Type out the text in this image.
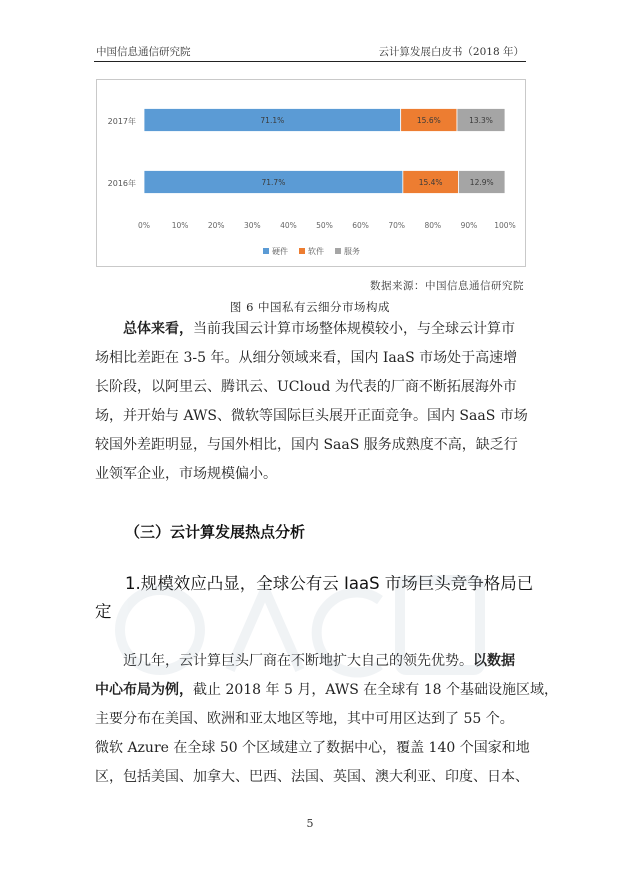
中国信息通信研究院	云计算发展白皮书（2018 年）
2017年	71.1%	15.6%	13.3%
2016年	71.7%	15.4%	12.9%
0%	10%	20%	30%	40%	50%	60%	70%	80%	90% 100%
硬件	软件	服务
数据来源：中国信息通信研究院
图 6 中国私有云细分市场构成
总体来看，当前我国云计算市场整体规模较小，与全球云计算市
场相比差距在 3-5 年。从细分领域来看，国内 IaaS 市场处于高速增
长阶段，以阿里云、腾讯云、UCloud 为代表的厂商不断拓展海外市
场，并开始与 AWS、微软等国际巨头展开正面竞争。国内 SaaS 市场
较国外差距明显，与国外相比，国内 SaaS 服务成熟度不高，缺乏行
业领军企业，市场规模偏小。
（三）云计算发展热点分析
1.规模效应凸显，全球公有云 IaaS 市场巨头竞争格局已
定
近几年，云计算巨头厂商在不断地扩大自己的领先优势。以数据
中心布局为例，截止 2018 年 5 月，AWS 在全球有 18 个基础设施区域，
主要分布在美国、欧洲和亚太地区等地，其中可用区达到了 55 个。
微软 Azure 在全球 50 个区域建立了数据中心，覆盖 140 个国家和地
区，包括美国、加拿大、巴西、法国、英国、澳大利亚、印度、日本、
5
